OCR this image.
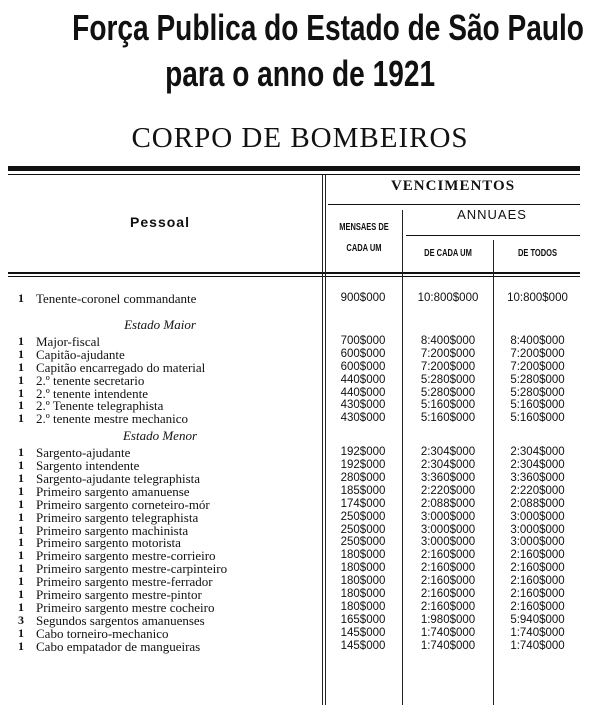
Força Publica do Estado de São Paulo
para o anno de 1921
CORPO DE BOMBEIROS
Pessoal
VENCIMENTOS
ANNUAES
MENSAES DE
CADA UM	DE CADA UM	DE TODOS
1 Tenente-coronel commandante	900$000	10:800$000	10:800$000
Estado Maior
1 Major-fiscal	700$000	8:400$000	8:400$000
1 Capitão-ajudante	600$000	7:200$000	7:200$000
1 Capitão encarregado do material	600$000	7:200$000	7:200$000
1 2.º tenente secretario	440$000	5:280$000	5:280$000
1 2.º tenente intendente	440$000	5:280$000	5:280$000
1 2.º Tenente telegraphista	430$000	5:160$000	5:160$000
1 2.º tenente mestre mechanico	430$000	5:160$000	5:160$000
Estado Menor
1 Sargento-ajudante	192$000	2:304$000	2:304$000
1 Sargento intendente	192$000	2:304$000	2:304$000
1 Sargento-ajudante telegraphista	280$000	3:360$000	3:360$000
1 Primeiro sargento amanuense	185$000	2:220$000	2:220$000
1 Primeiro sargento corneteiro-mór	174$000	2:088$000	2:088$000
1 Primeiro sargento telegraphista	250$000	3:000$000	3:000$000
1 Primeiro sargento machinista	250$000	3:000$000	3:000$000
1 Primeiro sargento motorista	250$000	3:000$000	3:000$000
1 Primeiro sargento mestre-corrieiro	180$000	2:160$000	2:160$000
1 Primeiro sargento mestre-carpinteiro	180$000	2:160$000	2:160$000
1 Primeiro sargento mestre-ferrador	180$000	2:160$000	2:160$000
1 Primeiro sargento mestre-pintor	180$000	2:160$000	2:160$000
1 Primeiro sargento mestre cocheiro	180$000	2:160$000	2:160$000
3 Segundos sargentos amanuenses	165$000	1:980$000	5:940$000
1 Cabo torneiro-mechanico	145$000	1:740$000	1:740$000
1 Cabo empatador de mangueiras	145$000	1:740$000	1:740$000
